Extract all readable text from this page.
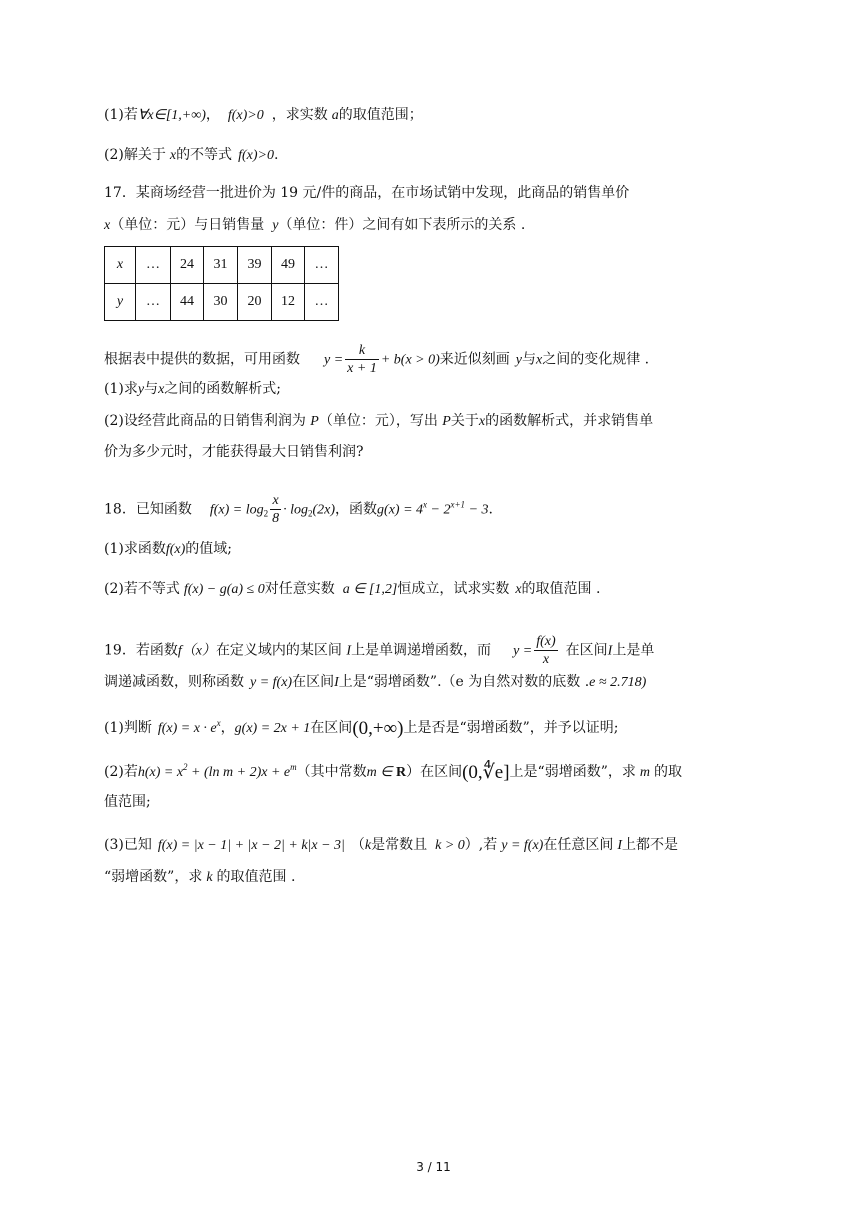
(1)若∀x∈[1,+∞)， f(x)>0 ，求实数 a的取值范围；
(2)解关于 x的不等式 f(x)>0.
17．某商场经营一批进价为 19 元/件的商品，在市场试销中发现，此商品的销售单价
x（单位：元）与日销售量 y（单位：件）之间有如下表所示的关系 .
x	…	24	31	39	49	…
y	…	44	30	20	12	…
根据表中提供的数据，可用函数 $y = \frac{k}{x + 1} + b(x > 0)$来近似刻画 y与x之间的变化规律 .
(1)求y与x之间的函数解析式;
(2)设经营此商品的日销售利润为 P（单位：元），写出 P关于x的函数解析式，并求销售单
价为多少元时，才能获得最大日销售利润?
18．已知函数 $f(x) = \log_2 \frac{x}{8} \cdot \log_2(2x)$，函数$g(x) = 4^x - 2^{x+1} - 3$.
(1)求函数f(x)的值域;
(2)若不等式 f(x) − g(a) ≤ 0对任意实数 a ∈ [1,2]恒成立，试求实数 x的取值范围 .
19．若函数f（x）在定义域内的某区间 I上是单调递增函数，而 $y = \frac{f(x)}{x}$ 在区间I上是单
调递减函数，则称函数 y = f(x)在区间I上是“弱增函数”.（e 为自然对数的底数 .e ≈ 2.718)
(1)判断 $f(x) = x \cdot e^x$，g(x) = 2x + 1在区间(0,+∞)上是否是“弱增函数”，并予以证明;
(2)若$h(x) = x^2 + (\ln$ $m + 2)x + e^m$（其中常数m ∈ R）在区间(0,∜e]上是“弱增函数”，求 m 的取
值范围;
(3)已知 f(x) = |x − 1| + |x − 2| + k|x − 3| （k是常数且 k > 0）,若 y = f(x)在任意区间 I上都不是
“弱增函数”，求 k 的取值范围 .
3 / 11
